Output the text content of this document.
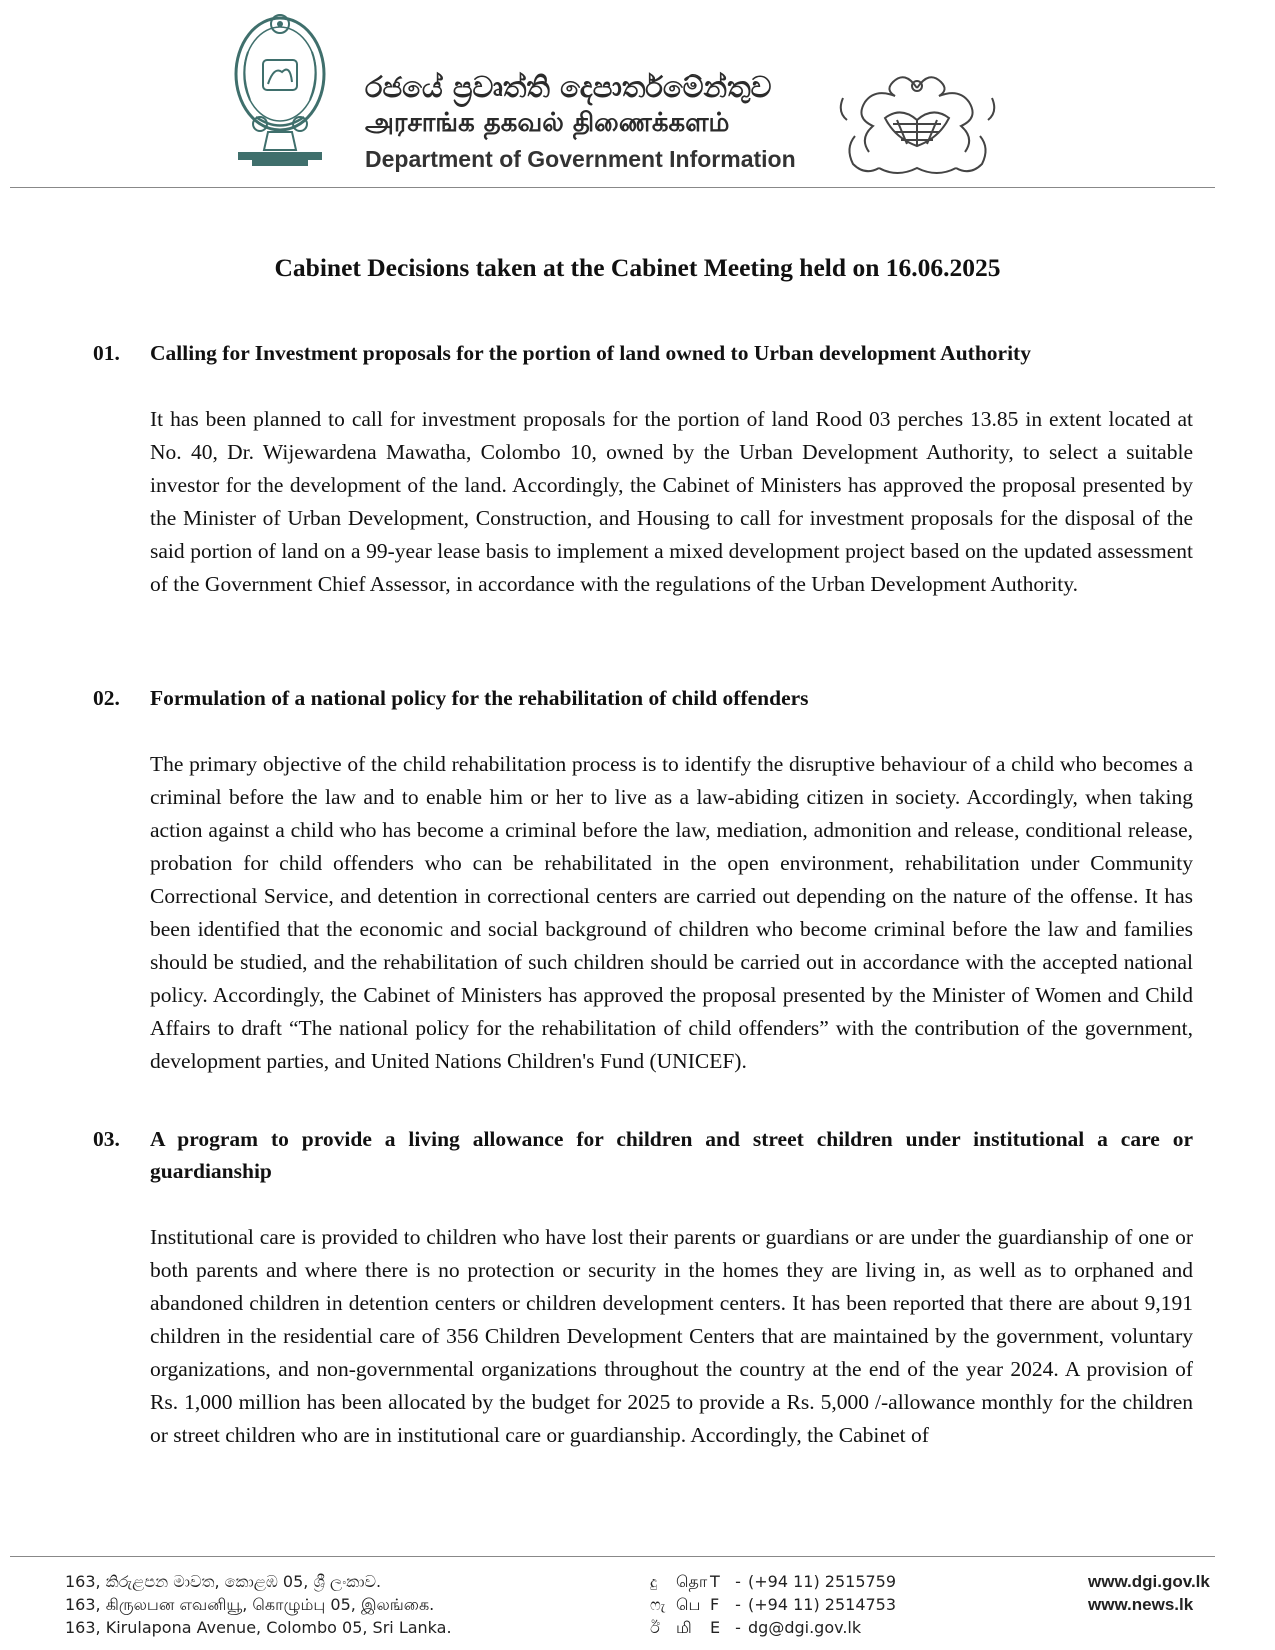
රජයේ ප්‍රවෘත්ති දෙපාර්තමේන්තුව
அரசாங்க தகவல் திணைக்களம்
Department of Government Information
Cabinet Decisions taken at the Cabinet Meeting held on 16.06.2025
01. Calling for Investment proposals for the portion of land owned to Urban development Authority
It has been planned to call for investment proposals for the portion of land Rood 03 perches 13.85 in extent located at No. 40, Dr. Wijewardena Mawatha, Colombo 10, owned by the Urban Development Authority, to select a suitable investor for the development of the land. Accordingly, the Cabinet of Ministers has approved the proposal presented by the Minister of Urban Development, Construction, and Housing to call for investment proposals for the disposal of the said portion of land on a 99-year lease basis to implement a mixed development project based on the updated assessment of the Government Chief Assessor, in accordance with the regulations of the Urban Development Authority.
02. Formulation of a national policy for the rehabilitation of child offenders
The primary objective of the child rehabilitation process is to identify the disruptive behaviour of a child who becomes a criminal before the law and to enable him or her to live as a law-abiding citizen in society. Accordingly, when taking action against a child who has become a criminal before the law, mediation, admonition and release, conditional release, probation for child offenders who can be rehabilitated in the open environment, rehabilitation under Community Correctional Service, and detention in correctional centers are carried out depending on the nature of the offense. It has been identified that the economic and social background of children who become criminal before the law and families should be studied, and the rehabilitation of such children should be carried out in accordance with the accepted national policy. Accordingly, the Cabinet of Ministers has approved the proposal presented by the Minister of Women and Child Affairs to draft “The national policy for the rehabilitation of child offenders” with the contribution of the government, development parties, and United Nations Children's Fund (UNICEF).
03. A program to provide a living allowance for children and street children under institutional a care or guardianship
Institutional care is provided to children who have lost their parents or guardians or are under the guardianship of one or both parents and where there is no protection or security in the homes they are living in, as well as to orphaned and abandoned children in detention centers or children development centers. It has been reported that there are about 9,191 children in the residential care of 356 Children Development Centers that are maintained by the government, voluntary organizations, and non-governmental organizations throughout the country at the end of the year 2024. A provision of Rs. 1,000 million has been allocated by the budget for 2025 to provide a Rs. 5,000 /-allowance monthly for the children or street children who are in institutional care or guardianship. Accordingly, the Cabinet of
163, කිරුළපන මාවත, කොළඹ 05, ශ්‍රී ලංකාව.
163, கிருலபன எவனியூ, கொழும்பு 05, இலங்கை.
163, Kirulapona Avenue, Colombo 05, Sri Lanka.
දු தொ T - (+94 11) 2515759
ෆැ பெ F - (+94 11) 2514753
ඊ மி E - dg@dgi.gov.lk
www.dgi.gov.lk
www.news.lk
